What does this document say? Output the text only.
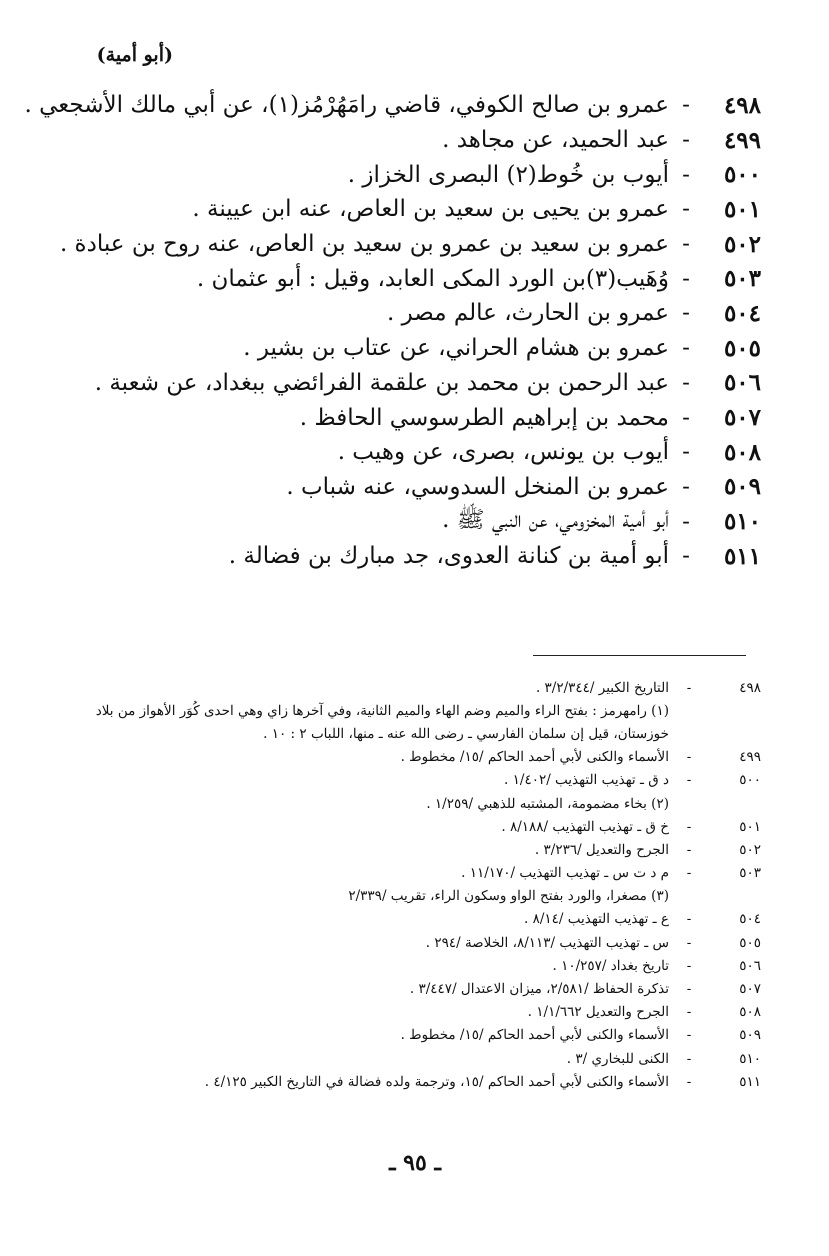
(أبو أمية)
٤٩٨
-
عمرو بن صالح الكوفي، قاضي رامَهُرْمُز(١)، عن أبي مالك الأشجعي .
٤٩٩
-
عبد الحميد، عن مجاهد .
٥٠٠
-
أيوب بن خُوط(٢) البصرى الخزاز .
٥٠١
-
عمرو بن يحيى بن سعيد بن العاص، عنه ابن عيينة .
٥٠٢
-
عمرو بن سعيد بن عمرو بن سعيد بن العاص، عنه روح بن عبادة .
٥٠٣
-
وُهَيب(٣)بن الورد المكى العابد، وقيل : أبو عثمان .
٥٠٤
-
عمرو بن الحارث، عالم مصر .
٥٠٥
-
عمرو بن هشام الحراني، عن عتاب بن بشير .
٥٠٦
-
عبد الرحمن بن محمد بن علقمة الفرائضي ببغداد، عن شعبة .
٥٠٧
-
محمد بن إبراهيم الطرسوسي الحافظ .
٥٠٨
-
أيوب بن يونس، بصرى، عن وهيب .
٥٠٩
-
عمرو بن المنخل السدوسي، عنه شباب .
٥١٠
-
أبو أمية المخزومي، عن النبي ﷺ .
٥١١
-
أبو أمية بن كنانة العدوى، جد مبارك بن فضالة .
٤٩٨
-
التاريخ الكبير /٣/٢/٣٤٤ .
(١) رامهرمز : بفتح الراء والميم وضم الهاء والميم الثانية، وفي آخرها زاي وهي احدى كُوَر الأهواز من بلاد
خوزستان، قيل إن سلمان الفارسي ـ رضى الله عنه ـ منها، اللباب ٢ : ١٠ .
٤٩٩
-
الأسماء والكنى لأبي أحمد الحاكم /١٥/ مخطوط .
٥٠٠
-
د ق ـ تهذيب التهذيب /١/٤٠٢ .
(٢) بخاء مضمومة، المشتبه للذهبي /١/٢٥٩ .
٥٠١
-
خ ق ـ تهذيب التهذيب /٨/١٨٨ .
٥٠٢
-
الجرح والتعديل /٣/٢٣٦ .
٥٠٣
-
م د ت س ـ تهذيب التهذيب /١١/١٧٠ .
(٣) مصغرا، والورد بفتح الواو وسكون الراء، تقريب /٢/٣٣٩
٥٠٤
-
ع ـ تهذيب التهذيب /٨/١٤ .
٥٠٥
-
س ـ تهذيب التهذيب /٨/١١٣، الخلاصة /٢٩٤ .
٥٠٦
-
تاريخ بغداد /١٠/٢٥٧ .
٥٠٧
-
تذكرة الحفاظ /٢/٥٨١، ميزان الاعتدال /٣/٤٤٧ .
٥٠٨
-
الجرح والتعديل ١/١/٦٦٢ .
٥٠٩
-
الأسماء والكنى لأبي أحمد الحاكم /١٥/ مخطوط .
٥١٠
-
الكنى للبخاري /٣ .
٥١١
-
الأسماء والكنى لأبي أحمد الحاكم /١٥، وترجمة ولده فضالة في التاريخ الكبير ٤/١٢٥ .
ـ ٩٥ ـ
